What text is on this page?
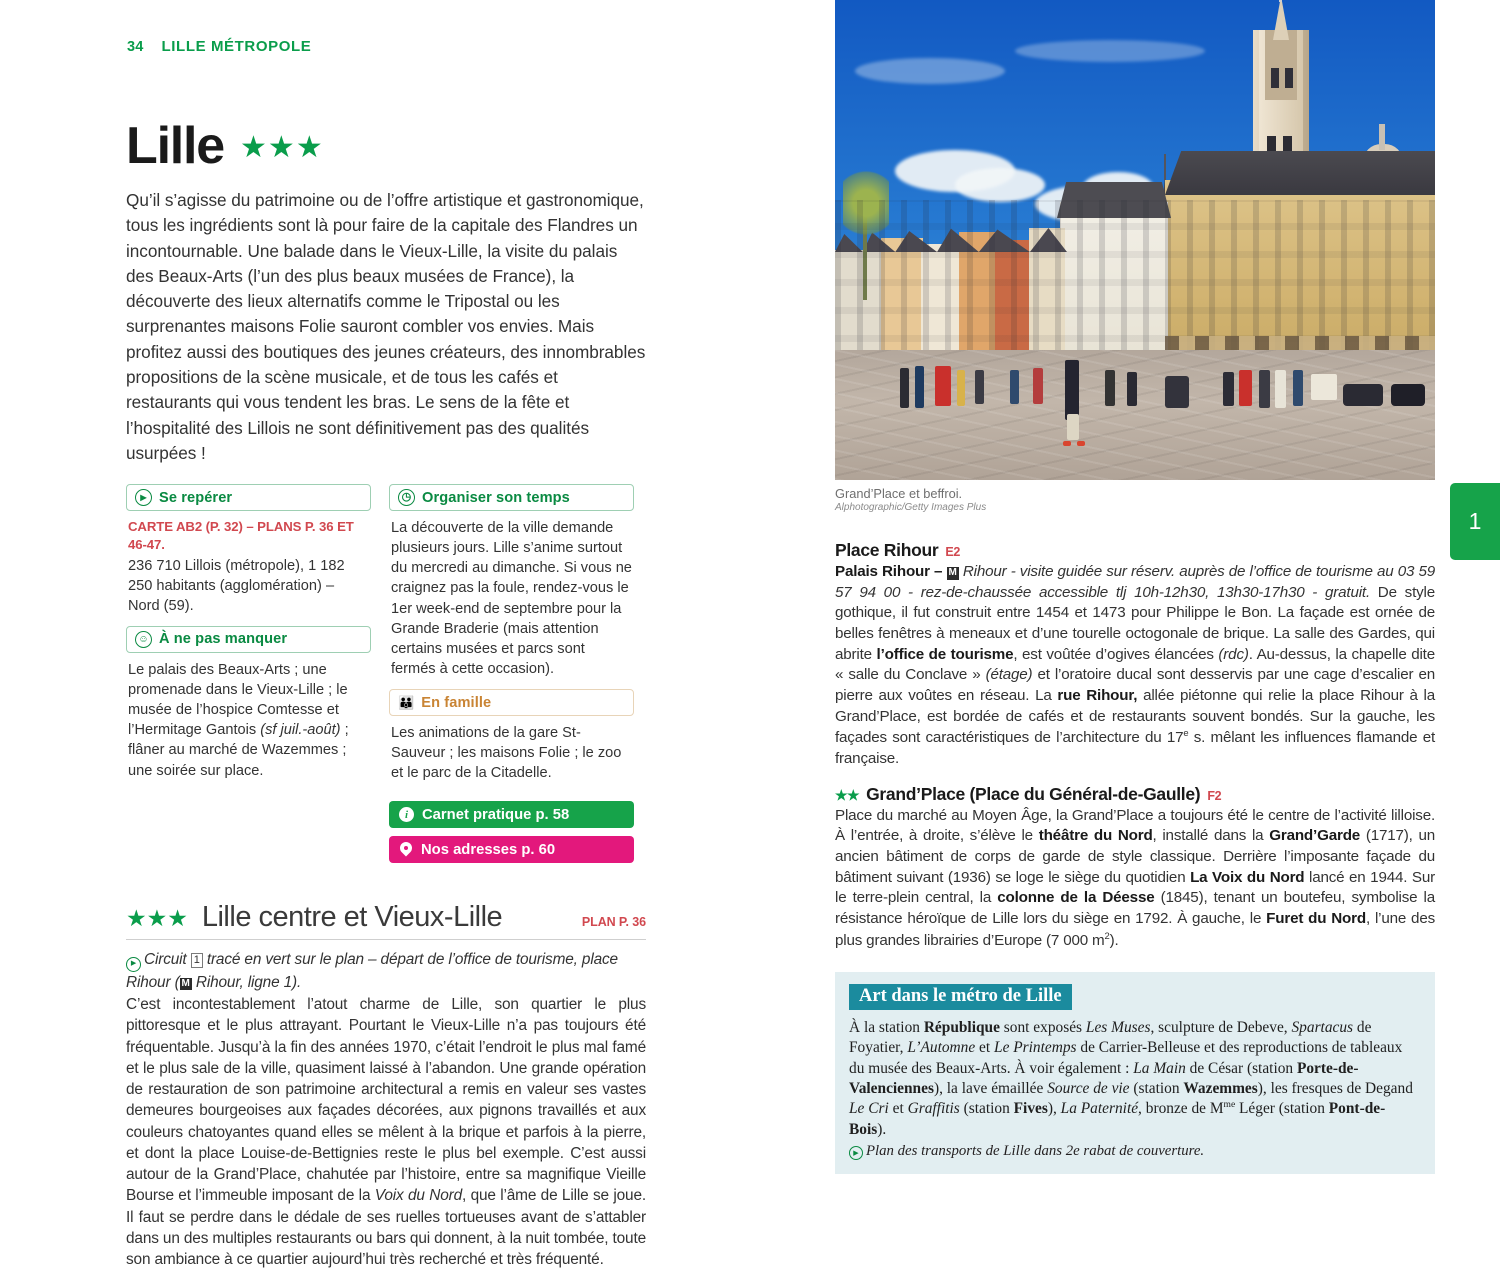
34 LILLE MÉTROPOLE
Lille ★★★

Qu’il s’agisse du patrimoine ou de l’offre artistique et gastronomique, tous les ingrédients sont là pour faire de la capitale des Flandres un incontournable. Une balade dans le Vieux-Lille, la visite du palais des Beaux-Arts (l’un des plus beaux musées de France), la découverte des lieux alternatifs comme le Tripostal ou les surprenantes maisons Folie sauront combler vos envies. Mais profitez aussi des boutiques des jeunes créateurs, des innombrables propositions de la scène musicale, et de tous les cafés et restaurants qui vous tendent les bras. Le sens de la fête et l’hospitalité des Lillois ne sont définitivement pas des qualités usurpées !

▶ Se repérer
CARTE AB2 (P. 32) – PLANS P. 36 ET 46-47.
236 710 Lillois (métropole), 1 182 250 habitants (agglomération) – Nord (59).
☺ À ne pas manquer
Le palais des Beaux-Arts ; une promenade dans le Vieux-Lille ; le musée de l’hospice Comtesse et l’Hermitage Gantois (sf juil.-août) ; flâner au marché de Wazemmes ; une soirée sur place.
◷ Organiser son temps
La découverte de la ville demande plusieurs jours. Lille s’anime surtout du mercredi au dimanche. Si vous ne craignez pas la foule, rendez-vous le 1er week-end de septembre pour la Grande Braderie (mais attention certains musées et parcs sont fermés à cette occasion).
👪 En famille
Les animations de la gare St-Sauveur ; les maisons Folie ; le zoo et le parc de la Citadelle.
i Carnet pratique p. 58
Nos adresses p. 60
★★★ Lille centre et Vieux-Lille	PLAN P. 36
▶ Circuit 1 tracé en vert sur le plan – départ de l’office de tourisme, place Rihour ( M Rihour, ligne 1).

C’est incontestablement l’atout charme de Lille, son quartier le plus pittoresque et le plus attrayant. Pourtant le Vieux-Lille n’a pas toujours été fréquentable. Jusqu’à la fin des années 1970, c’était l’endroit le plus mal famé et le plus sale de la ville, quasiment laissé à l’abandon. Une grande opération de restauration de son patrimoine architectural a remis en valeur ses vastes demeures bourgeoises aux façades décorées, aux pignons travaillés et aux couleurs chatoyantes quand elles se mêlent à la brique et parfois à la pierre, et dont la place Louise-de-Bettignies reste le plus bel exemple. C’est aussi autour de la Grand’Place, chahutée par l’histoire, entre sa magnifique Vieille Bourse et l’immeuble imposant de la Voix du Nord, que l’âme de Lille se joue. Il faut se perdre dans le dédale de ses ruelles tortueuses avant de s’attabler dans un des multiples restaurants ou bars qui donnent, à la nuit tombée, toute son ambiance à ce quartier aujourd’hui très recherché et très fréquenté.

Grand’Place et beffroi.
Alphotographic/Getty Images Plus
1
Place Rihour E2

Palais Rihour – M Rihour - visite guidée sur réserv. auprès de l’office de tourisme au 03 59 57 94 00 - rez-de-chaussée accessible tlj 10h-12h30, 13h30-17h30 - gratuit. De style gothique, il fut construit entre 1454 et 1473 pour Philippe le Bon. La façade est ornée de belles fenêtres à meneaux et d’une tourelle octogonale de brique. La salle des Gardes, qui abrite l’office de tourisme, est voûtée d’ogives élancées (rdc). Au-dessus, la chapelle dite « salle du Conclave » (étage) et l’oratoire ducal sont desservis par une cage d’escalier en pierre aux voûtes en réseau. La rue Rihour, allée piétonne qui relie la place Rihour à la Grand’Place, est bordée de cafés et de restaurants souvent bondés. Sur la gauche, les façades sont caractéristiques de l’architecture du 17e s. mêlant les influences flamande et française.

★★ Grand’Place (Place du Général-de-Gaulle) F2

Place du marché au Moyen Âge, la Grand’Place a toujours été le centre de l’activité lilloise. À l’entrée, à droite, s’élève le théâtre du Nord, installé dans la Grand’Garde (1717), un ancien bâtiment de corps de garde de style classique. Derrière l’imposante façade du bâtiment suivant (1936) se loge le siège du quotidien La Voix du Nord lancé en 1944. Sur le terre-plein central, la colonne de la Déesse (1845), tenant un boutefeu, symbolise la résistance héroïque de Lille lors du siège en 1792. À gauche, le Furet du Nord, l’une des plus grandes librairies d’Europe (7 000 $m^2$).

Art dans le métro de Lille
À la station République sont exposés Les Muses, sculpture de Debeve, Spartacus de Foyatier, L’Automne et Le Printemps de Carrier-Belleuse et des reproductions de tableaux du musée des Beaux-Arts. À voir également : La Main de César (station Porte-de-Valenciennes), la lave émaillée Source de vie (station Wazemmes), les fresques de Degand Le Cri et Graffitis (station Fives), La Paternité, bronze de $M^{me}$ Léger (station Pont-de-Bois).
▶ Plan des transports de Lille dans 2e rabat de couverture.
